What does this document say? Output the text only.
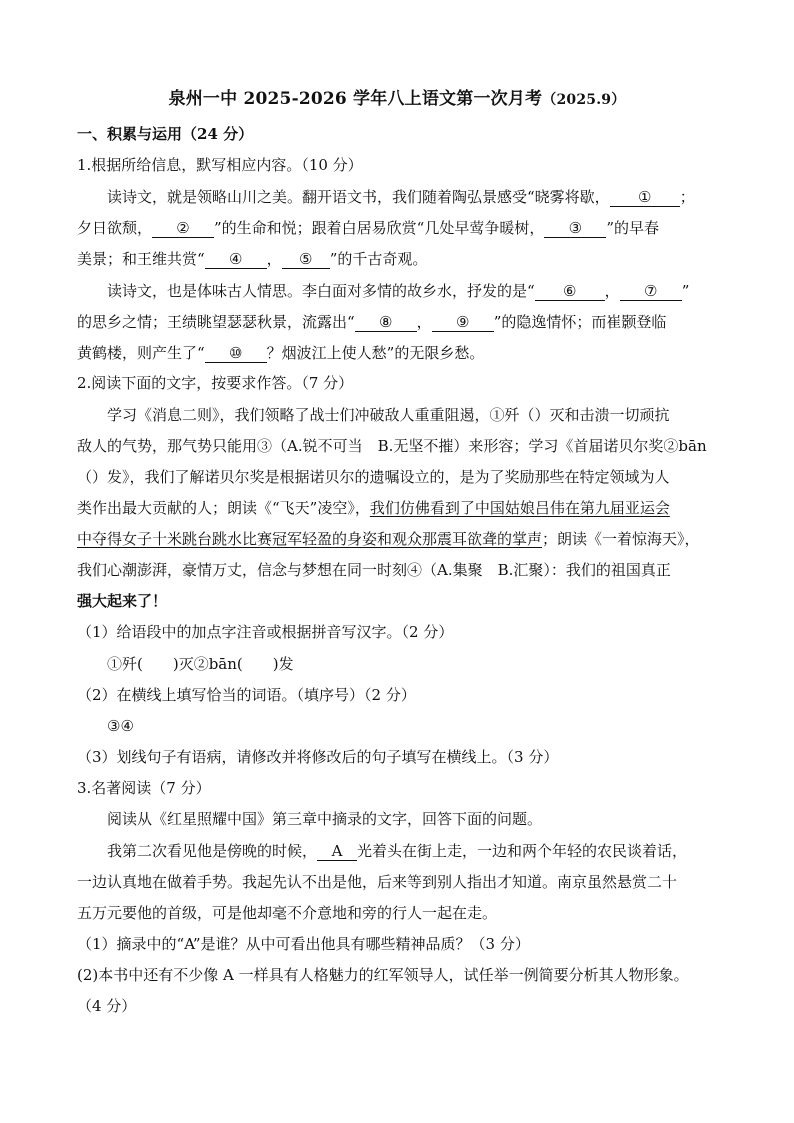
泉州一中 2025-2026 学年八上语文第一次月考（2025.9）
一、积累与运用（24 分）
1.根据所给信息，默写相应内容。（10 分）
读诗文，就是领略山川之美。翻开语文书，我们随着陶弘景感受“晓雾将歇， ① ；
夕日欲颓， ② ”的生命和悦；跟着白居易欣赏“几处早莺争暖树， ③ ”的早春
美景；和王维共赏“ ④ ， ⑤ ”的千古奇观。
读诗文，也是体味古人情思。李白面对多情的故乡水，抒发的是“ ⑥ ， ⑦ ”
的思乡之情；王绩眺望瑟瑟秋景，流露出“ ⑧ ， ⑨ ”的隐逸情怀；而崔颢登临
黄鹤楼，则产生了“ ⑩ ？烟波江上使人愁”的无限乡愁。
2.阅读下面的文字，按要求作答。（7 分）
学习《消息二则》，我们领略了战士们冲破敌人重重阻遏，①歼（）灭和击溃一切顽抗
敌人的气势，那气势只能用③（A.锐不可当　B.无坚不摧）来形容；学习《首届诺贝尔奖②bān
（）发》，我们了解诺贝尔奖是根据诺贝尔的遗嘱设立的，是为了奖励那些在特定领域为人
类作出最大贡献的人；朗读《“飞天”凌空》，我们仿佛看到了中国姑娘吕伟在第九届亚运会
中夺得女子十米跳台跳水比赛冠军轻盈的身姿和观众那震耳欲聋的掌声；朗读《一着惊海天》，
我们心潮澎湃，豪情万丈，信念与梦想在同一时刻④（A.集聚　B.汇聚）：我们的祖国真正
强大起来了！
（1）给语段中的加点字注音或根据拼音写汉字。（2 分）
①歼(　　)灭②bān(　　)发
（2）在横线上填写恰当的词语。（填序号）（2 分）
③④
（3）划线句子有语病，请修改并将修改后的句子填写在横线上。（3 分）
3.名著阅读（7 分）
阅读从《红星照耀中国》第三章中摘录的文字，回答下面的问题。
我第二次看见他是傍晚的时候， A 光着头在街上走，一边和两个年轻的农民谈着话，
一边认真地在做着手势。我起先认不出是他，后来等到别人指出才知道。南京虽然悬赏二十
五万元要他的首级，可是他却毫不介意地和旁的行人一起在走。
（1）摘录中的“A”是谁？从中可看出他具有哪些精神品质？（3 分）
(2)本书中还有不少像 A 一样具有人格魅力的红军领导人，试任举一例简要分析其人物形象。
（4 分）
